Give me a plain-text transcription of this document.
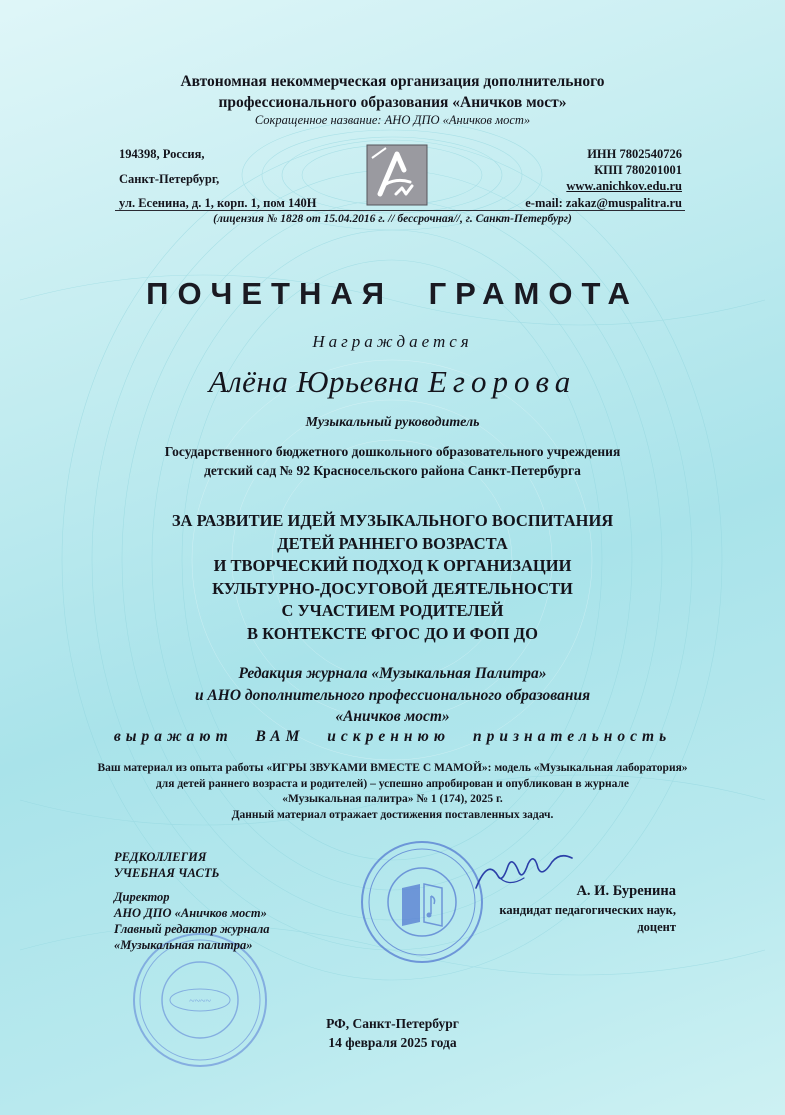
Автономная некоммерческая организация дополнительного
профессионального образования «Аничков мост»
Сокращенное название: АНО ДПО «Аничков мост»
194398, Россия,
Санкт-Петербург,
ул. Есенина, д. 1, корп. 1, пом 140Н
ИНН 7802540726
КПП 780201001
www.anichkov.edu.ru
e-mail: zakaz@muspalitra.ru
(лицензия № 1828 от 15.04.2016 г. // бессрочная//, г. Санкт-Петербург)
ПОЧЕТНАЯ ГРАМОТА
Награждается
Алёна Юрьевна Егорова
Музыкальный руководитель
Государственного бюджетного дошкольного образовательного учреждения
детский сад № 92 Красносельского района Санкт-Петербурга
ЗА РАЗВИТИЕ ИДЕЙ МУЗЫКАЛЬНОГО ВОСПИТАНИЯ
ДЕТЕЙ РАННЕГО ВОЗРАСТА
И ТВОРЧЕСКИЙ ПОДХОД К ОРГАНИЗАЦИИ
КУЛЬТУРНО-ДОСУГОВОЙ ДЕЯТЕЛЬНОСТИ
С УЧАСТИЕМ РОДИТЕЛЕЙ
В КОНТЕКСТЕ ФГОС ДО И ФОП ДО
Редакция журнала «Музыкальная Палитра»
и АНО дополнительного профессионального образования
«Аничков мост»
выражают ВАМ искреннюю признательность
Ваш материал из опыта работы «ИГРЫ ЗВУКАМИ ВМЕСТЕ С МАМОЙ»: модель «Музыкальная лаборатория»
для детей раннего возраста и родителей) – успешно апробирован и опубликован в журнале
«Музыкальная палитра» № 1 (174), 2025 г.
Данный материал отражает достижения поставленных задач.
~~~~
РЕДКОЛЛЕГИЯ
УЧЕБНАЯ ЧАСТЬ
Директор
АНО ДПО «Аничков мост»
Главный редактор журнала
«Музыкальная палитра»
А. И. Буренина
кандидат педагогических наук,
доцент
РФ, Санкт-Петербург
14 февраля 2025 года
